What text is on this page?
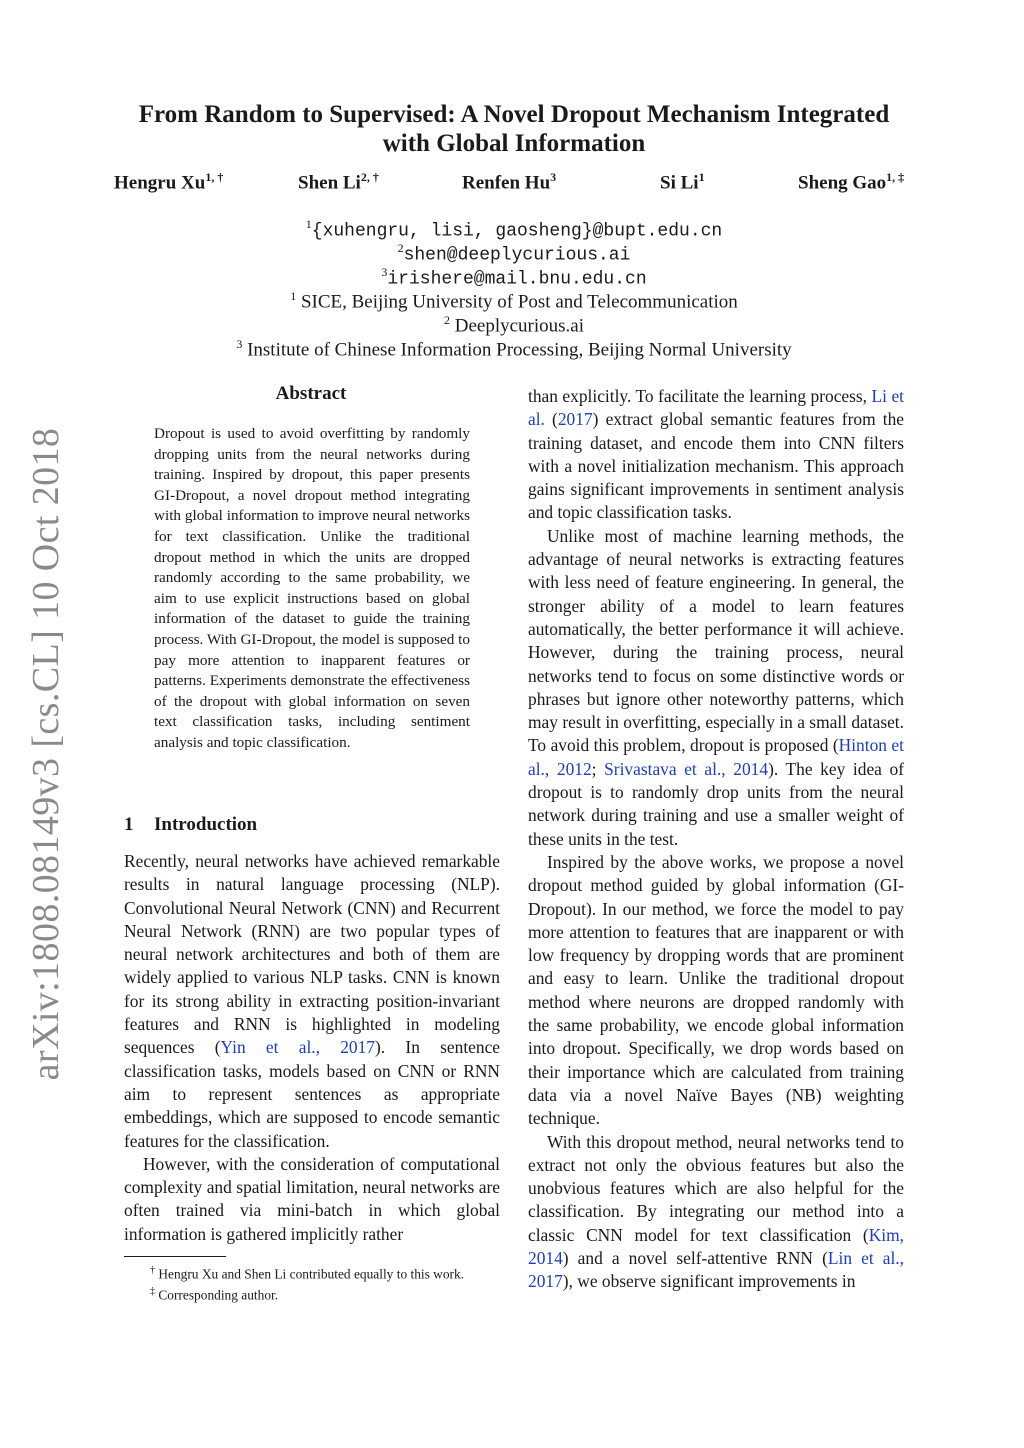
From Random to Supervised: A Novel Dropout Mechanism Integrated
with Global Information
Hengru $Xu^{1, \dagger}$	Shen $Li^{2, \dagger}$	Renfen Hu$^3$	Si Li$^1$	Sheng Gao$^{1, \ddagger}$
$^1${xuhengru, lisi, gaosheng}@bupt.edu.cn
$^2$shen@deeplycurious.ai
$^3$irishere@mail.bnu.edu.cn
$^1$ SICE, Beijing University of Post and Telecommunication
$^2$ Deeplycurious.ai
$^3$ Institute of Chinese Information Processing, Beijing Normal University
arXiv:1808.08149v3 [cs.CL] 10 Oct 2018
Abstract
Dropout is used to avoid overfitting by randomly dropping units from the neural networks during training. Inspired by dropout, this paper presents GI-Dropout, a novel dropout method integrating with global information to improve neural networks for text classification. Unlike the traditional dropout method in which the units are dropped randomly according to the same probability, we aim to use explicit instructions based on global information of the dataset to guide the training process. With GI-Dropout, the model is supposed to pay more attention to inapparent features or patterns. Experiments demonstrate the effectiveness of the dropout with global information on seven text classification tasks, including sentiment analysis and topic classification.
1 Introduction

Recently, neural networks have achieved remarkable results in natural language processing (NLP). Convolutional Neural Network (CNN) and Recurrent Neural Network (RNN) are two popular types of neural network architectures and both of them are widely applied to various NLP tasks. CNN is known for its strong ability in extracting position-invariant features and RNN is highlighted in modeling sequences (Yin et al., 2017). In sentence classification tasks, models based on CNN or RNN aim to represent sentences as appropriate embeddings, which are supposed to encode semantic features for the classification.

However, with the consideration of computational complexity and spatial limitation, neural networks are often trained via mini-batch in which global information is gathered implicitly rather

† Hengru Xu and Shen Li contributed equally to this work.

‡ Corresponding author.

than explicitly. To facilitate the learning process, Li et al. (2017) extract global semantic features from the training dataset, and encode them into CNN filters with a novel initialization mechanism. This approach gains significant improvements in sentiment analysis and topic classification tasks.

Unlike most of machine learning methods, the advantage of neural networks is extracting features with less need of feature engineering. In general, the stronger ability of a model to learn features automatically, the better performance it will achieve. However, during the training process, neural networks tend to focus on some distinctive words or phrases but ignore other noteworthy patterns, which may result in overfitting, especially in a small dataset. To avoid this problem, dropout is proposed (Hinton et al., 2012; Srivastava et al., 2014). The key idea of dropout is to randomly drop units from the neural network during training and use a smaller weight of these units in the test.

Inspired by the above works, we propose a novel dropout method guided by global information (GI-Dropout). In our method, we force the model to pay more attention to features that are inapparent or with low frequency by dropping words that are prominent and easy to learn. Unlike the traditional dropout method where neurons are dropped randomly with the same probability, we encode global information into dropout. Specifically, we drop words based on their importance which are calculated from training data via a novel Naïve Bayes (NB) weighting technique.

With this dropout method, neural networks tend to extract not only the obvious features but also the unobvious features which are also helpful for the classification. By integrating our method into a classic CNN model for text classification (Kim, 2014) and a novel self-attentive RNN (Lin et al., 2017), we observe significant improvements in
